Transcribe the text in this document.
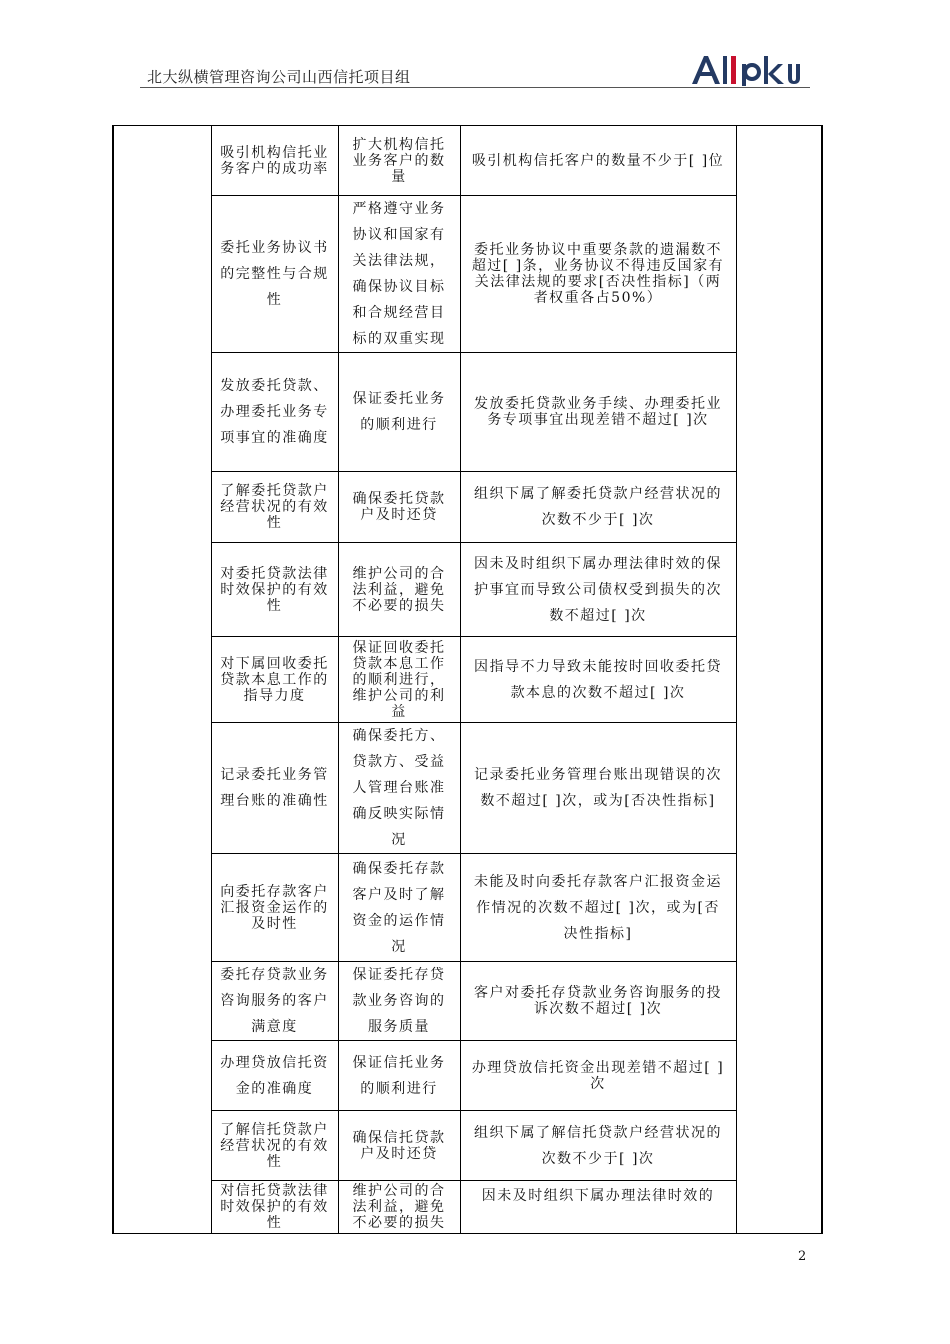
北大纵横管理咨询公司山西信托项目组
	吸引机构信托业务客户的成功率	扩大机构信托业务客户的数量	吸引机构信托客户的数量不少于[ ]位	
	委托业务协议书的完整性与合规性	严格遵守业务协议和国家有关法律法规，确保协议目标和合规经营目标的双重实现	委托业务协议中重要条款的遗漏数不超过[ ]条，业务协议不得违反国家有关法律法规的要求[否决性指标]（两者权重各占50%）	
	发放委托贷款、办理委托业务专项事宜的准确度	保证委托业务的顺利进行	发放委托贷款业务手续、办理委托业务专项事宜出现差错不超过[ ]次	
	了解委托贷款户经营状况的有效性	确保委托贷款户及时还贷	组织下属了解委托贷款户经营状况的次数不少于[ ]次	
	对委托贷款法律时效保护的有效性	维护公司的合法利益，避免不必要的损失	因未及时组织下属办理法律时效的保护事宜而导致公司债权受到损失的次数不超过[ ]次	
	对下属回收委托贷款本息工作的指导力度	保证回收委托贷款本息工作的顺利进行，维护公司的利益	因指导不力导致未能按时回收委托贷款本息的次数不超过[ ]次	
	记录委托业务管理台账的准确性	确保委托方、贷款方、受益人管理台账准确反映实际情况	记录委托业务管理台账出现错误的次数不超过[ ]次，或为[否决性指标]	
	向委托存款客户汇报资金运作的及时性	确保委托存款客户及时了解资金的运作情况	未能及时向委托存款客户汇报资金运作情况的次数不超过[ ]次，或为[否决性指标]	
	委托存贷款业务咨询服务的客户满意度	保证委托存贷款业务咨询的服务质量	客户对委托存贷款业务咨询服务的投诉次数不超过[ ]次	
	办理贷放信托资金的准确度	保证信托业务的顺利进行	办理贷放信托资金出现差错不超过[ ]次	
	了解信托贷款户经营状况的有效性	确保信托贷款户及时还贷	组织下属了解信托贷款户经营状况的次数不少于[ ]次	
	对信托贷款法律时效保护的有效性	维护公司的合法利益，避免不必要的损失	因未及时组织下属办理法律时效的	
2
